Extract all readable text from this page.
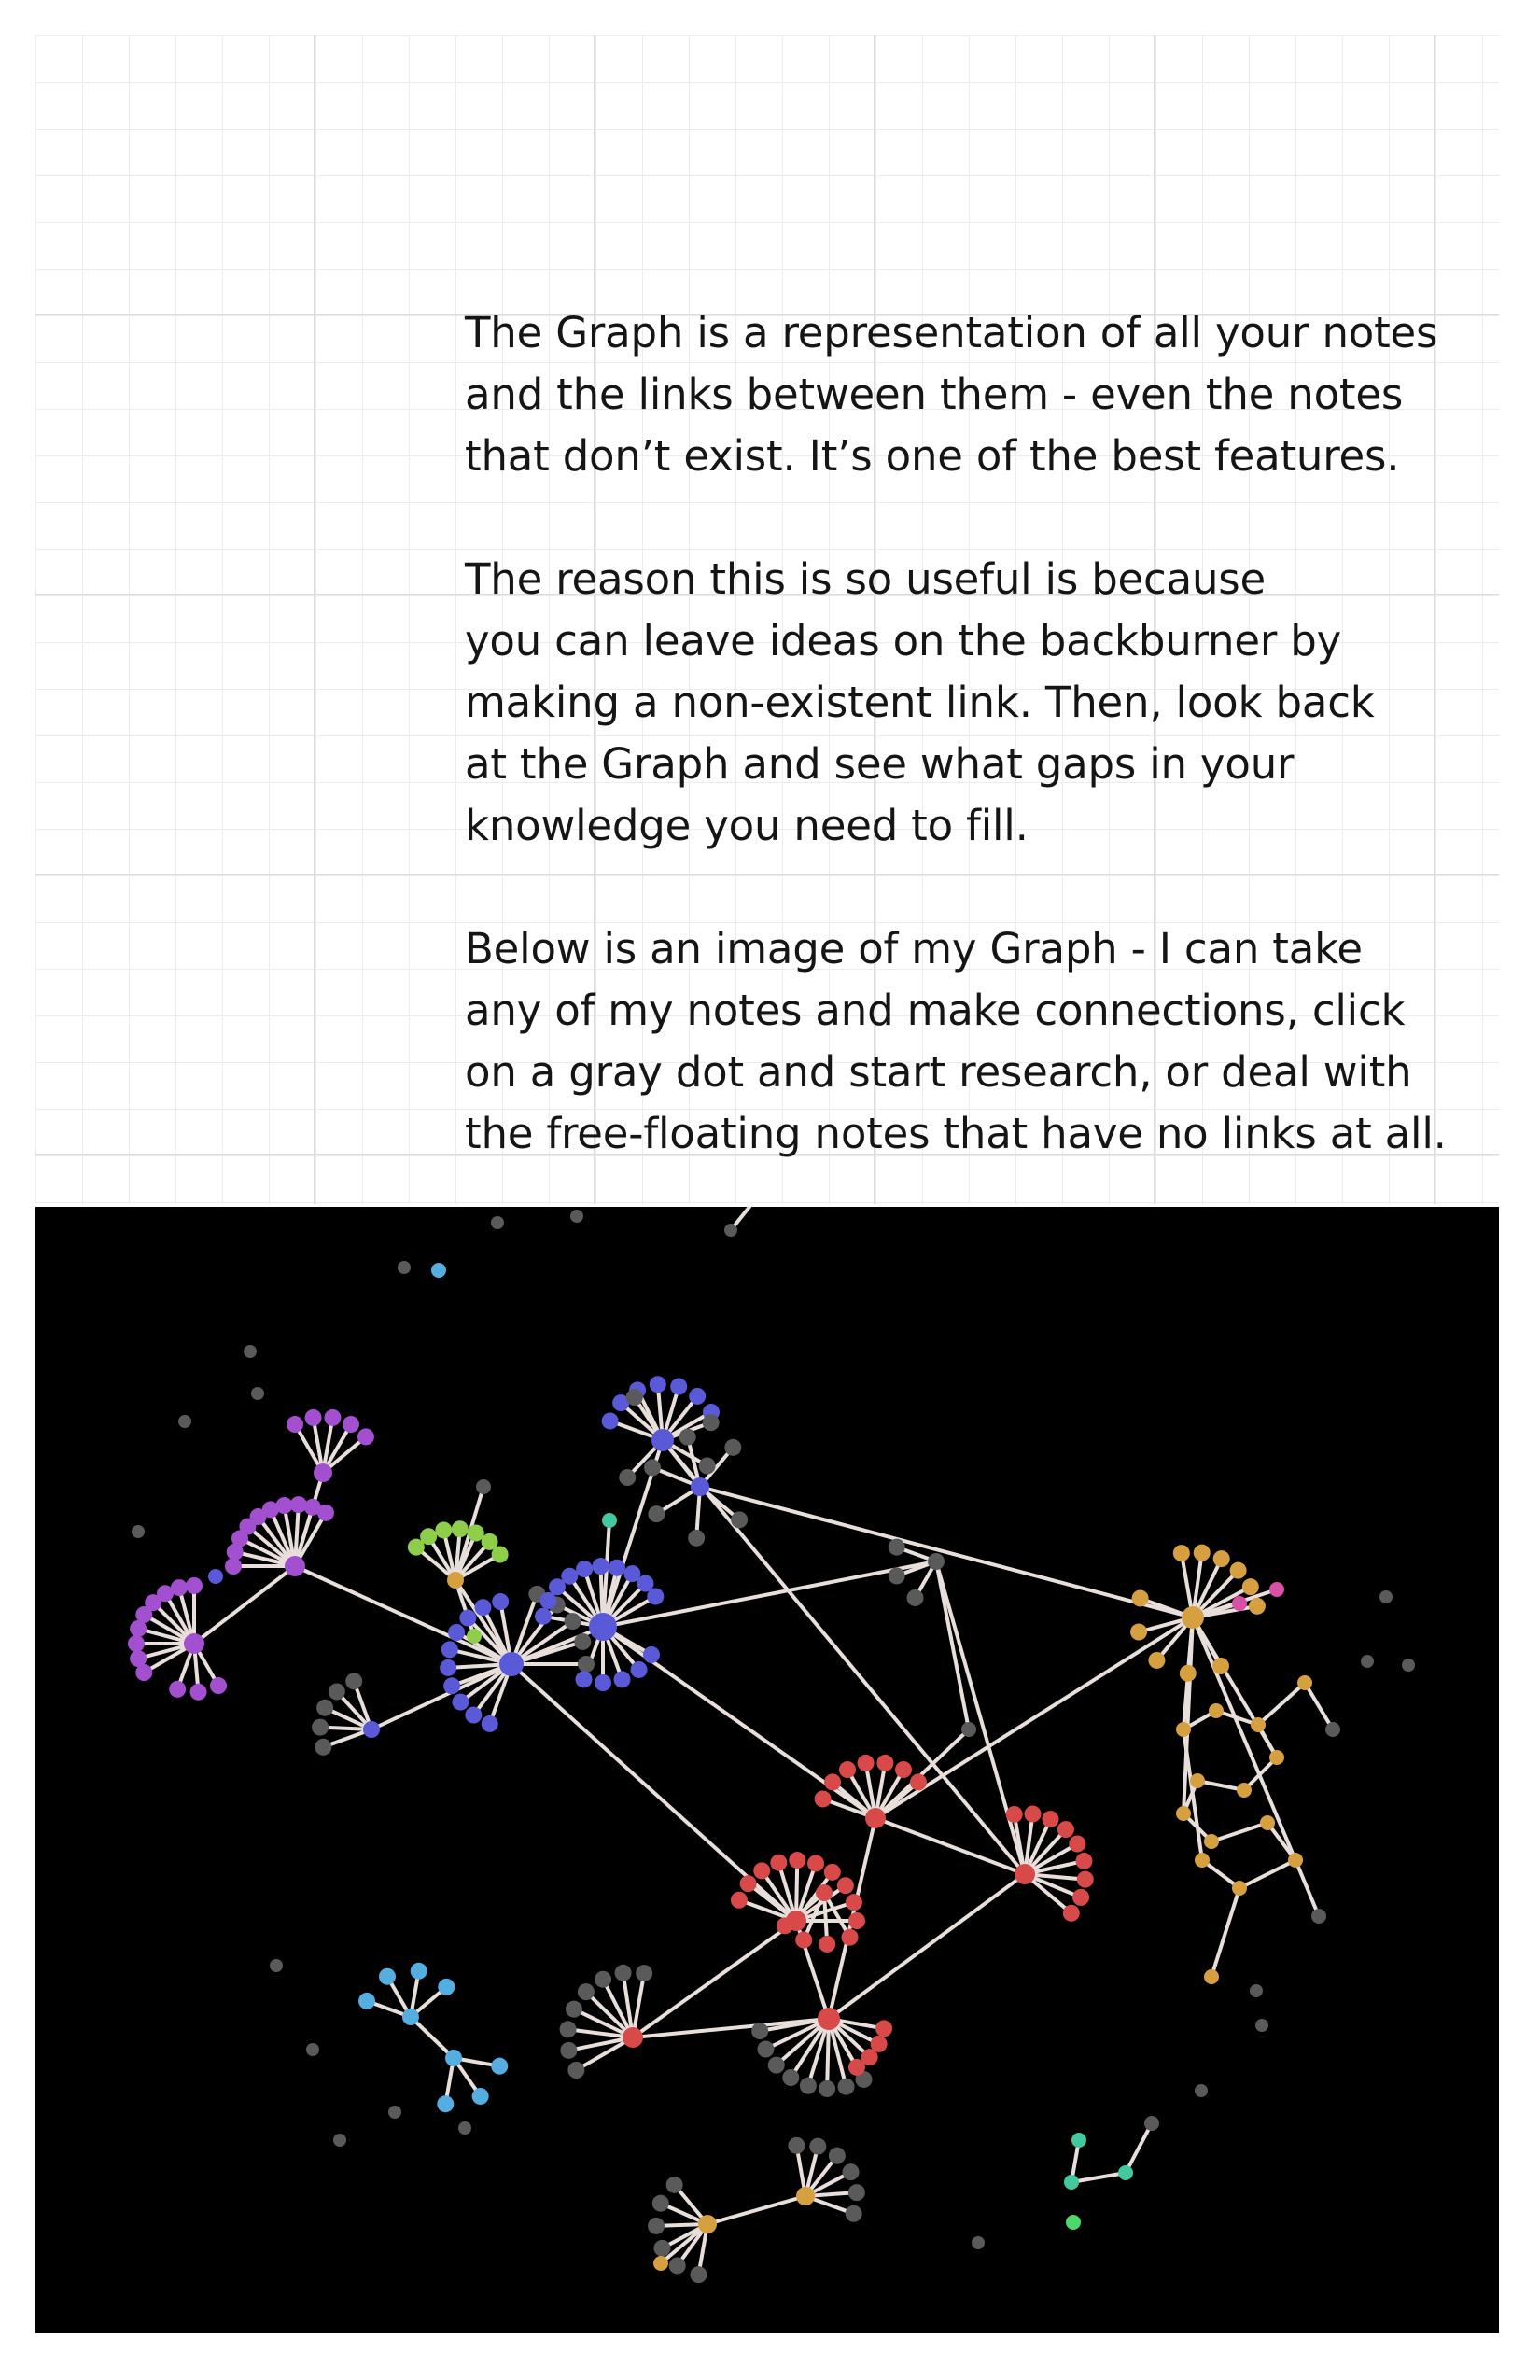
The Graph is a representation of all your notes
and the links between them - even the notes
that don’t exist. It’s one of the best features.

The reason this is so useful is because
you can leave ideas on the backburner by
making a non-existent link. Then, look back
at the Graph and see what gaps in your
knowledge you need to fill.

Below is an image of my Graph - I can take
any of my notes and make connections, click
on a gray dot and start research, or deal with
the free-floating notes that have no links at all.
